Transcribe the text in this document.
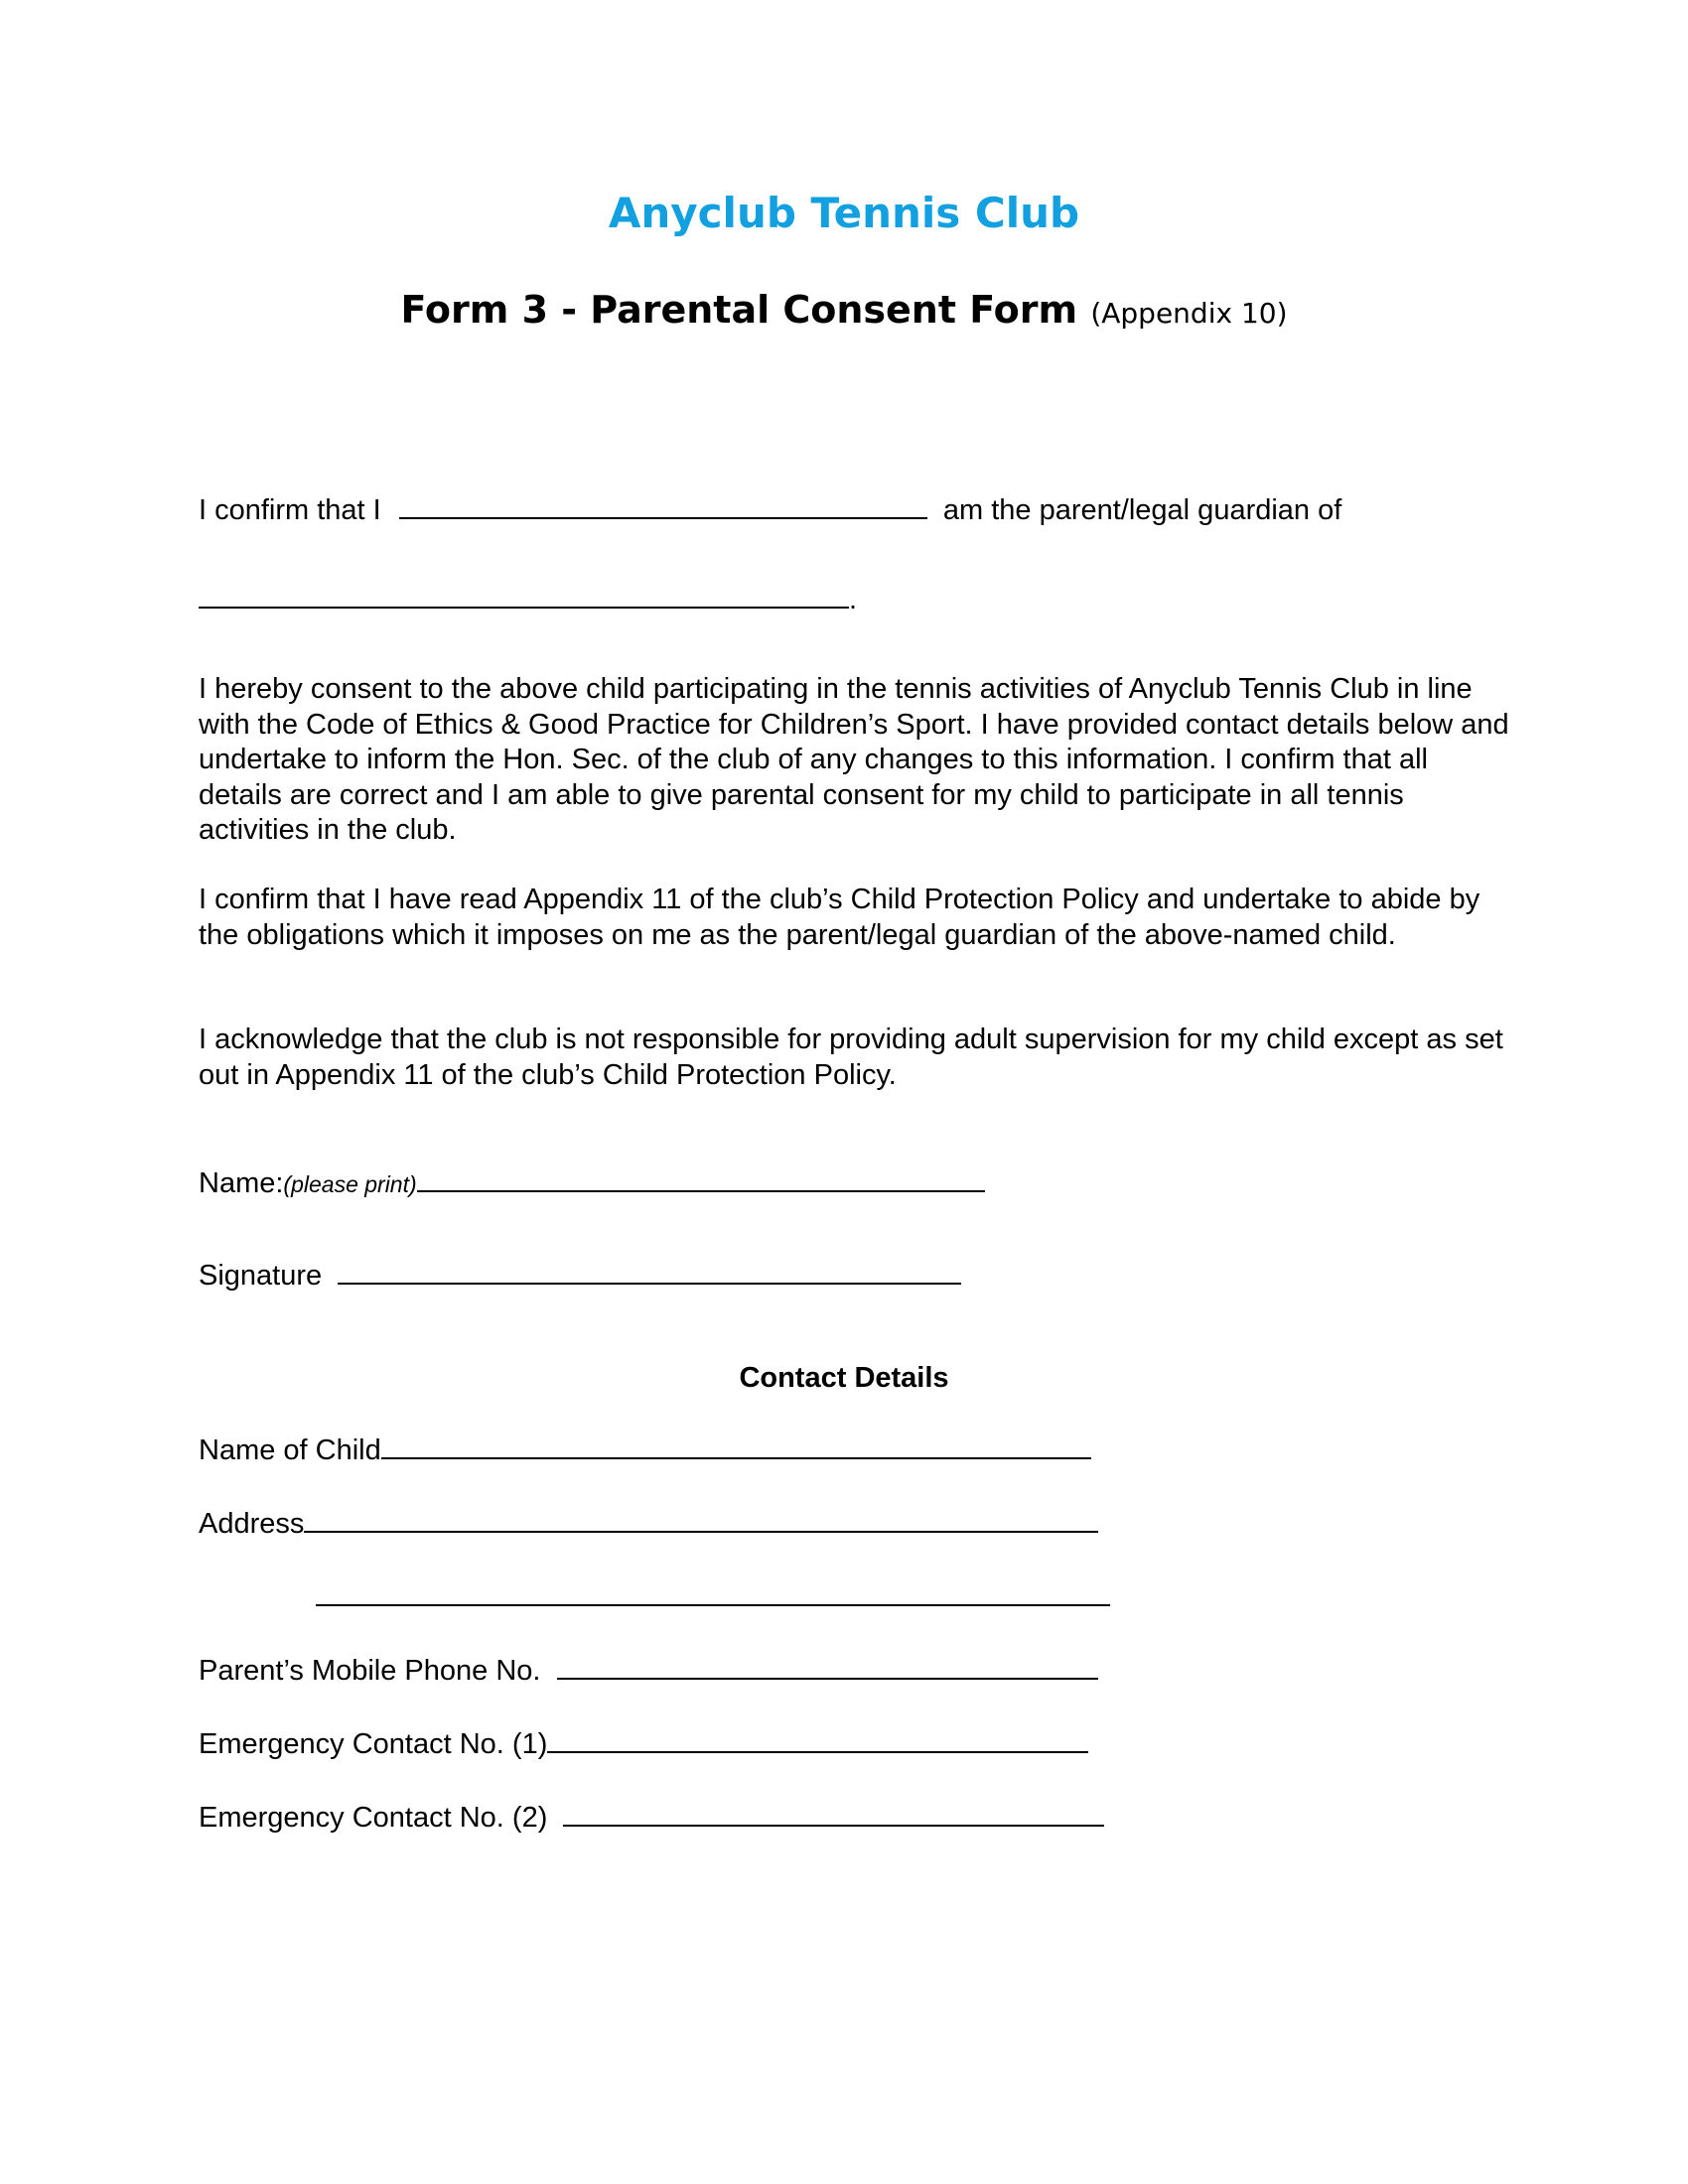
Anyclub Tennis Club
Form 3 - Parental Consent Form (Appendix 10)
I confirm that I	am the parent/legal guardian of
.
I hereby consent to the above child participating in the tennis activities of Anyclub Tennis Club in line with the Code of Ethics & Good Practice for Children’s Sport. I have provided contact details below and undertake to inform the Hon. Sec. of the club of any changes to this information. I confirm that all details are correct and I am able to give parental consent for my child to participate in all tennis activities in the club.
I confirm that I have read Appendix 11 of the club’s Child Protection Policy and undertake to abide by the obligations which it imposes on me as the parent/legal guardian of the above-named child.
I acknowledge that the club is not responsible for providing adult supervision for my child except as set out in Appendix 11 of the club’s Child Protection Policy.
Name:(please print)
Signature
Contact Details
Name of Child
Address
Parent’s Mobile Phone No.
Emergency Contact No. (1)
Emergency Contact No. (2)
